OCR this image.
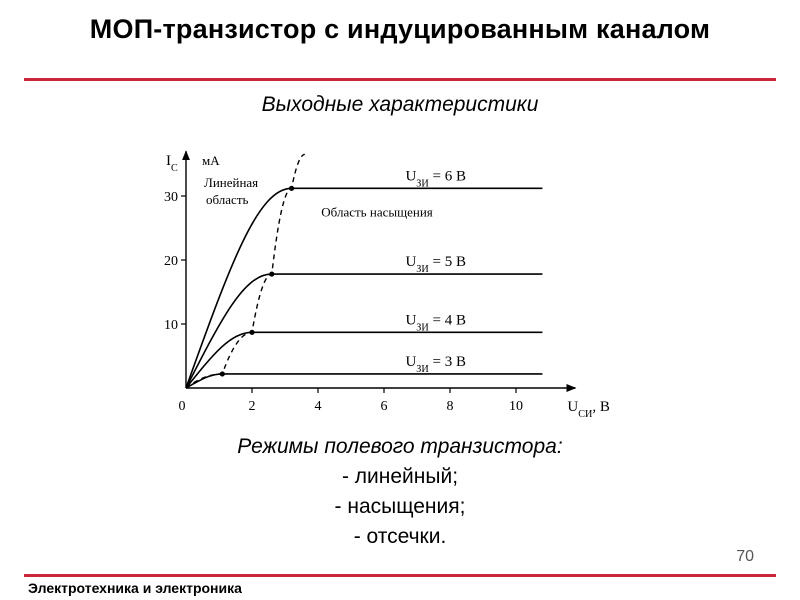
МОП-транзистор с индуцированным каналом
Выходные характеристики
0	2	4	6	8	10
10
20
30
$I_C$ мА
$U_{СИ}$, В
$U_{ЗИ} = 6$ В
$U_{ЗИ} = 5$ В
$U_{ЗИ} = 4$ В
$U_{ЗИ} = 3$ В
Линейная
область
Область насыщения
Режимы полевого транзистора:
- линейный;
- насыщения;
- отсечки.
70
Электротехника и электроника
